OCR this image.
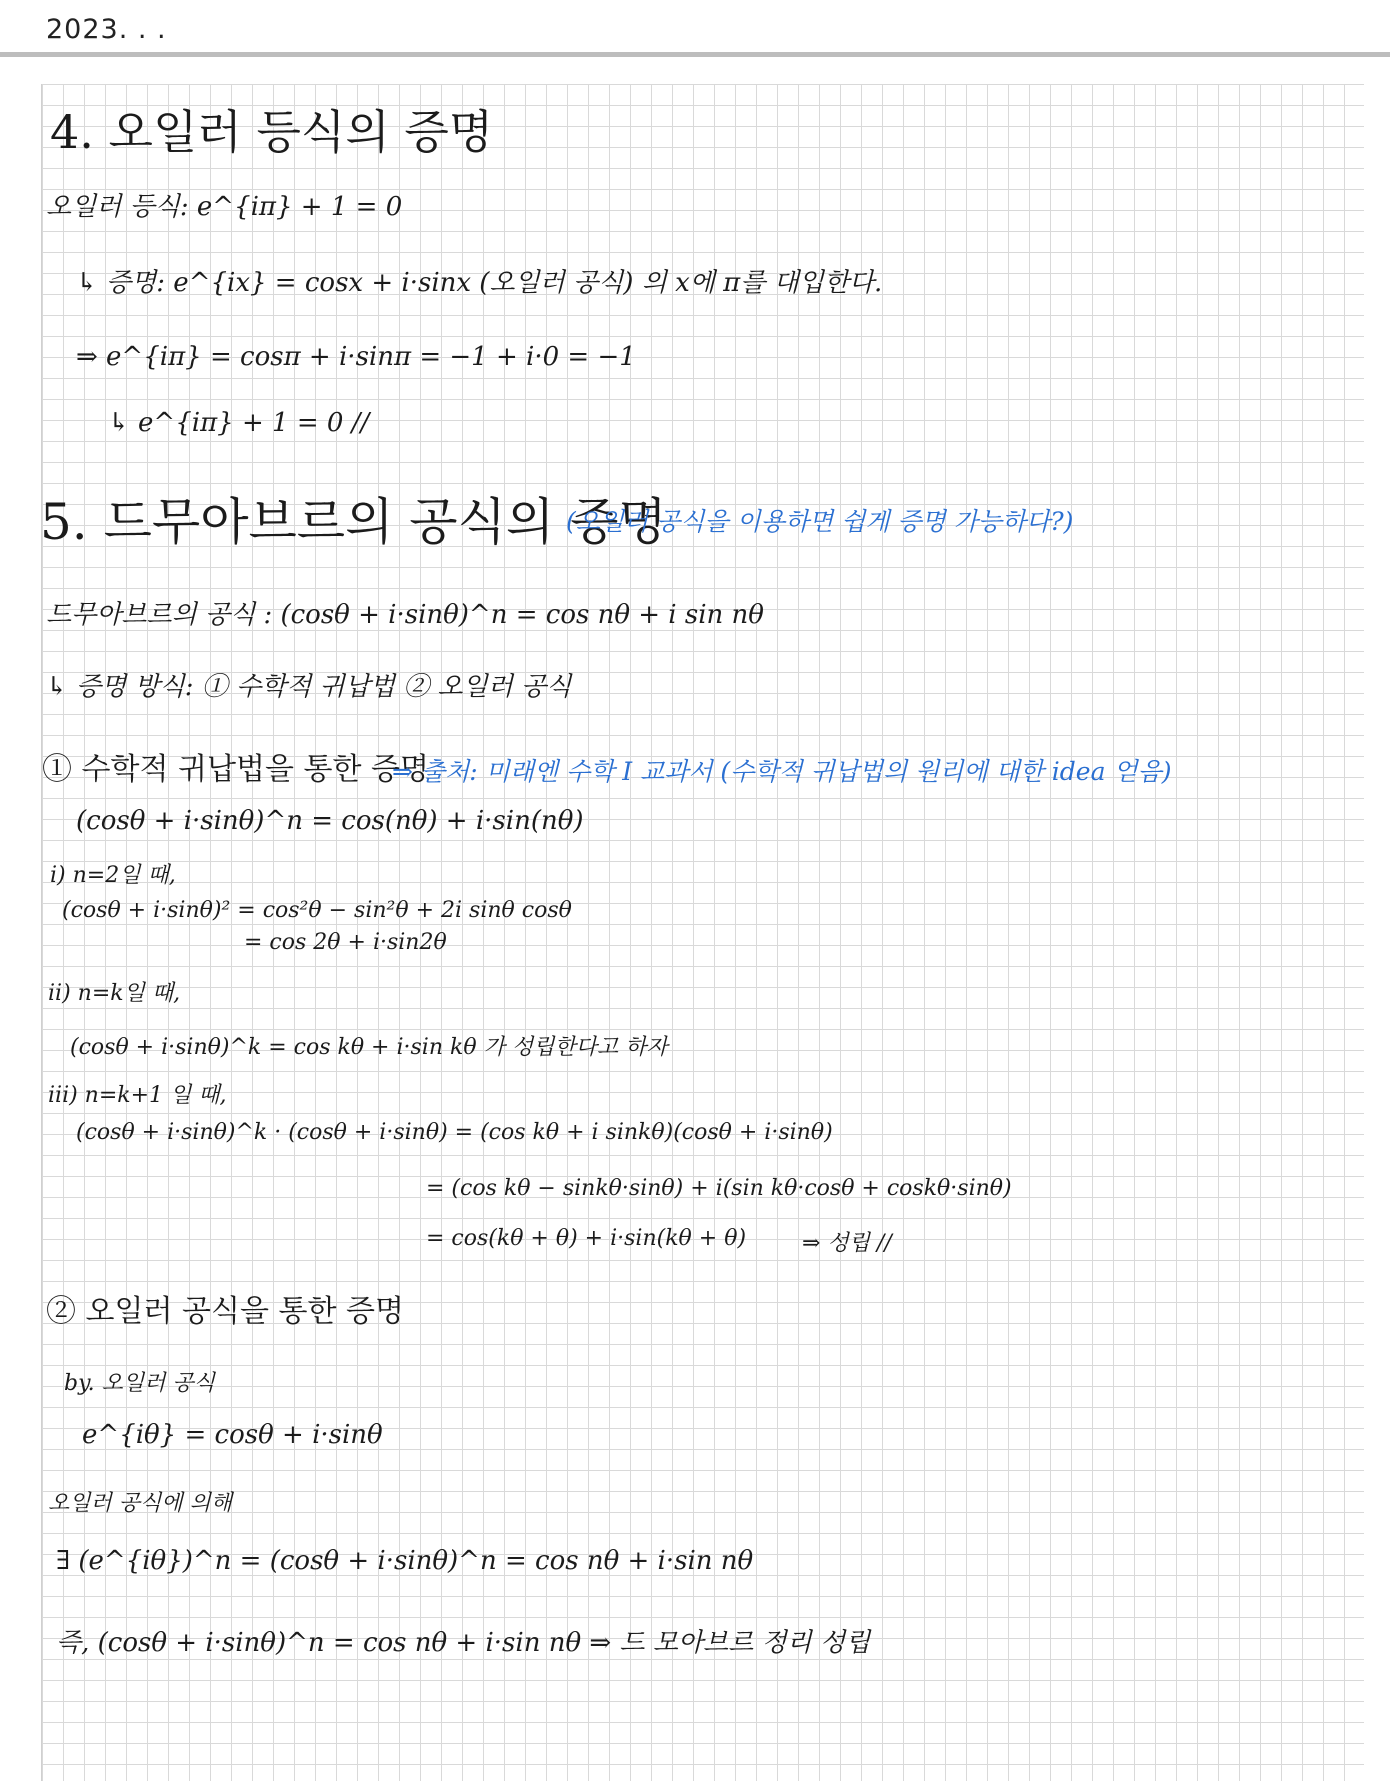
2023. . .
4. 오일러 등식의 증명
오일러 등식: e^{iπ} + 1 = 0
↳ 증명: e^{ix} = cosx + i·sinx (오일러 공식) 의 x에 π를 대입한다.
⇒ e^{iπ} = cosπ + i·sinπ = −1 + i·0 = −1
↳ e^{iπ} + 1 = 0 //
5. 드무아브르의 공식의 증명
(오일러 공식을 이용하면 쉽게 증명 가능하다?)
드무아브르의 공식 : (cosθ + i·sinθ)^n = cos nθ + i sin nθ
↳ 증명 방식: ① 수학적 귀납법 ② 오일러 공식
① 수학적 귀납법을 통한 증명
⇒ 출처: 미래엔 수학 I 교과서 (수학적 귀납법의 원리에 대한 idea 얻음)
(cosθ + i·sinθ)^n = cos(nθ) + i·sin(nθ)
i) n=2일 때,
(cosθ + i·sinθ)² = cos²θ − sin²θ + 2i sinθ cosθ
= cos 2θ + i·sin2θ
ii) n=k일 때,
(cosθ + i·sinθ)^k = cos kθ + i·sin kθ 가 성립한다고 하자
iii) n=k+1 일 때,
(cosθ + i·sinθ)^k · (cosθ + i·sinθ) = (cos kθ + i sinkθ)(cosθ + i·sinθ)
= (cos kθ − sinkθ·sinθ) + i(sin kθ·cosθ + coskθ·sinθ)
= cos(kθ + θ) + i·sin(kθ + θ)	⇒ 성립 //
② 오일러 공식을 통한 증명
by. 오일러 공식
e^{iθ} = cosθ + i·sinθ
오일러 공식에 의해
∃ (e^{iθ})^n = (cosθ + i·sinθ)^n = cos nθ + i·sin nθ
즉, (cosθ + i·sinθ)^n = cos nθ + i·sin nθ ⇒ 드 모아브르 정리 성립
